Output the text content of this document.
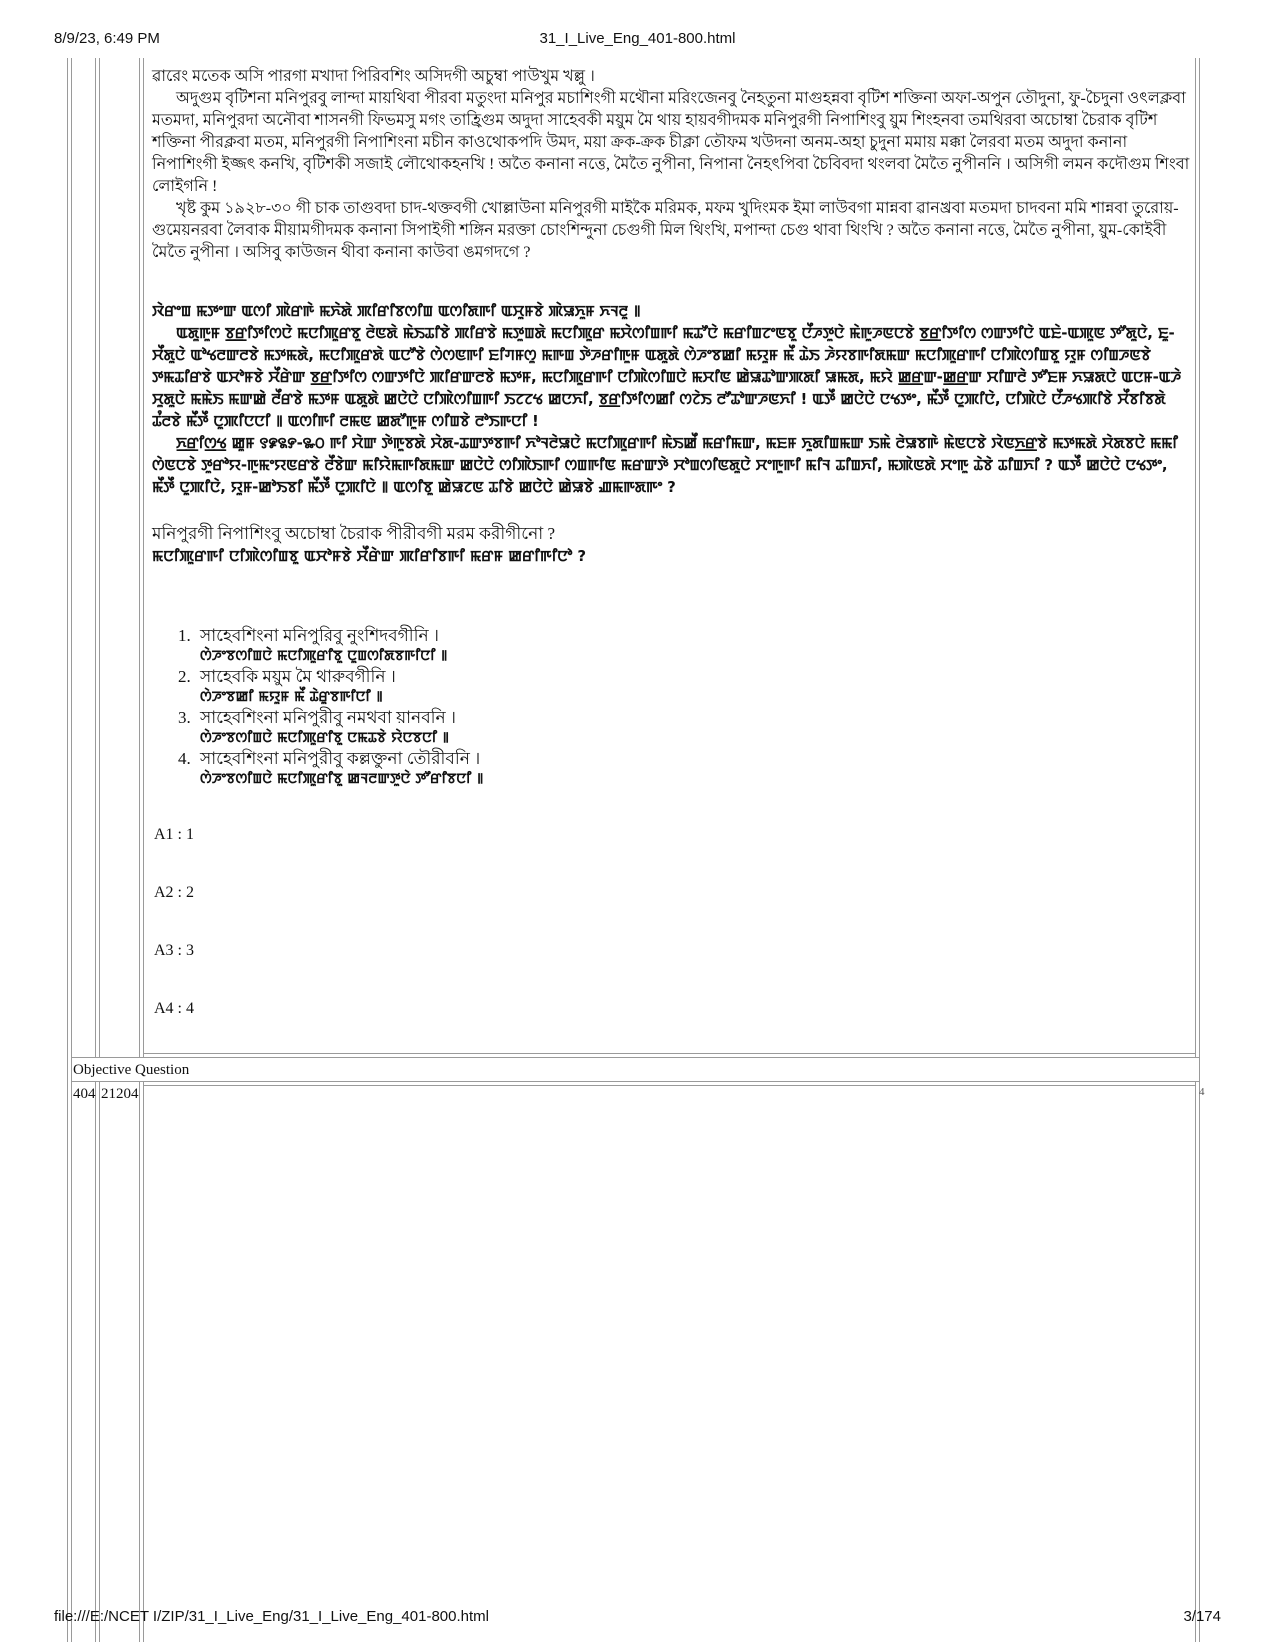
8/9/23, 6:49 PM	31_I_Live_Eng_401-800.html

ৱারেং মতেক অসি পারগা মখাদা পিরিবশিং অসিদগী অচুম্বা পাউখুম খল্লু ।

অদুগুম বৃটিশনা মনিপুরবু লান্দা মায়থিবা পীরবা মতুংদা মনিপুর মচাশিংগী মথৌনা মরিংজেনবু নৈহতুনা মাগুহন্নবা বৃটিশ শক্তিনা অফা-অপুন তৌদুনা, ফু-চৈদুনা ওৎলক্লবা মতমদা, মনিপুরদা অনৌবা শাসনগী ফিভমসু মগং তাহ্রিগুম অদুদা সাহেবকী ময়ুম মৈ থায় হায়বগীদমক মনিপুরগী নিপাশিংবু য়ুম শিংহনবা তমথিরবা অচোম্বা চৈরাক বৃটিশ শক্তিনা পীরক্লবা মতম, মনিপুরগী নিপাশিংনা মচীন কাওথোকপদি উমদ, ময়া ক্রক-ক্রক চীক্লা তৌফম খউদনা অনম-অহা চুদুনা মমায় মক্কা লৈরবা মতম অদুদা কনানা নিপাশিংগী ইজ্জৎ কনখি, বৃটিশকী সজাই লৌথোকহনখি ! অতৈ কনানা নত্তে, মৈতৈ নুপীনা, নিপানা নৈহৎপিবা চৈবিবদা থংলবা মৈতৈ নুপীননি । অসিগী লমন কদৌগুম শিংবা লোইগনি !

খৃষ্ট কুম ১৯২৮-৩০ গী চাক তাগুবদা চাদ-থক্তবগী খোল্লাউনা মনিপুরগী মাইকৈ মরিমক, মফম খুদিংমক ইমা লাউবগা মান্নবা ৱানখ্রবা মতমদা চাদবনা মমি শান্নবা তুরোয়-গুমেয়নরবা লৈবাক মীয়ামগীদমক কনানা সিপাইগী শঙ্গিন মরক্তা চোংশিন্দুনা চেগুগী মিল থিংখি, মপান্দা চেগু থাবা থিংখি ? অতৈ কনানা নত্তে, মৈতৈ নুপীনা, য়ুম-কোইবী মৈতৈ নুপীনা । অসিবু কাউজন থীবা কনানা কাউবা ঙমগদগে ?

ꯋꯥꯔꯦꯡ ꯃꯇꯦꯛ ꯑꯁꯤ ꯄꯥꯔꯒꯥ ꯃꯈꯥꯗꯥ ꯄꯤꯔꯤꯕꯁꯤꯡ ꯑꯁꯤꯗꯒꯤ ꯑꯆꯨꯝꯕꯥ ꯄꯥꯎꯈꯨꯝ ꯈꯜꯂꯨ ꯫

ꯑꯗꯨꯒꯨꯝ ꯕ꯭ꯔꯤꯇꯤꯁꯅꯥ ꯃꯅꯤꯄꯨꯔꯕꯨ ꯂꯥꯟꯗꯥ ꯃꯥꯏꯊꯤꯕꯥ ꯄꯤꯔꯕꯥ ꯃꯇꯨꯡꯗꯥ ꯃꯅꯤꯄꯨꯔ ꯃꯆꯥꯁꯤꯡꯒꯤ ꯃꯊꯧꯅꯥ ꯃꯔꯤꯡꯖꯦꯟꯕꯨ ꯅꯩꯍꯇꯨꯅꯥ ꯃꯥꯒꯨꯍꯟꯅꯕꯥ ꯕ꯭ꯔꯤꯇꯤꯁ ꯁꯛꯇꯤꯅꯥ ꯑꯐꯥ-ꯑꯄꯨꯟ ꯇꯧꯗꯨꯅꯥ, ꯐꯨ-ꯆꯩꯗꯨꯅꯥ ꯑꯣꯠꯂꯛꯂꯕꯥ ꯃꯇꯃꯗꯥ, ꯃꯅꯤꯄꯨꯔꯗꯥ ꯑꯅꯧꯕꯥ ꯁꯥꯁꯟꯒꯤ ꯐꯤꯚꯝꯁꯨ ꯃꯒꯡ ꯇꯥꯍꯔꯤꯒꯨꯝ ꯑꯗꯨꯗꯥ ꯁꯥꯍꯦꯕꯀꯤ ꯃꯌꯨꯝ ꯃꯩ ꯊꯥꯏ ꯍꯥꯌꯕꯒꯤꯗꯃꯛ ꯃꯅꯤꯄꯨꯔꯒꯤ ꯅꯤꯄꯥꯁꯤꯡꯕꯨ ꯌꯨꯝ ꯁꯤꯡꯍꯟꯕꯥ ꯇꯃꯊꯤꯔꯕꯥ ꯑꯆꯣꯝꯕꯥ ꯆꯩꯔꯥꯛ ꯕ꯭ꯔꯤꯇꯤꯁ ꯁꯛꯇꯤꯅꯥ ꯄꯤꯔꯛꯂꯕꯥ ꯃꯇꯝ, ꯃꯅꯤꯄꯨꯔꯒꯤ ꯅꯤꯄꯥꯁꯤꯡꯅꯥ ꯃꯆꯤꯟ ꯀꯥꯎꯊꯣꯛꯄꯗꯤ ꯎꯃꯗ, ꯃꯌꯥ ꯀ꯭ꯔꯛ-ꯀ꯭ꯔꯛ ꯆꯤꯛꯂꯥ ꯇꯧꯐꯝ ꯈꯎꯗꯅꯥ ꯑꯅꯝ-ꯑꯍꯥ ꯆꯨꯗꯨꯅꯥ ꯃꯃꯥꯏ ꯃꯛꯀꯥ ꯂꯩꯔꯕꯥ ꯃꯇꯝ ꯑꯗꯨꯗꯥ ꯀꯅꯥꯅꯥ ꯅꯤꯄꯥꯁꯤꯡꯒꯤ ꯏꯖꯖꯠ ꯀꯅꯈꯤ, ꯕ꯭ꯔꯤꯇꯤꯁꯀꯤ ꯁꯖꯥꯏ ꯂꯧꯊꯣꯛꯍꯟꯈꯤ ! ꯑꯇꯩ ꯀꯅꯥꯅꯥ ꯅꯠꯇꯦ, ꯃꯩꯇꯩ ꯅꯨꯄꯤꯅꯥ, ꯅꯤꯄꯥꯅꯥ ꯅꯩꯍꯠꯄꯤꯕꯥ ꯆꯩꯕꯤꯕꯗꯥ ꯊꯪꯂꯕꯥ ꯃꯩꯇꯩ ꯅꯨꯄꯤꯅꯅꯤ ꯫ ꯑꯁꯤꯒꯤ ꯂꯃꯟ ꯀꯗꯧꯒꯨꯝ ꯁꯤꯡꯕꯥ ꯂꯣꯏꯒꯅꯤ !

ꯈ꯭ꯔꯤꯁ꯭ꯠ ꯀꯨꯝ ꯱꯹꯲꯸-꯳꯰ ꯒꯤ ꯆꯥꯛ ꯇꯥꯒꯨꯕꯗꯥ ꯆꯥꯗ-ꯊꯛꯇꯕꯒꯤ ꯈꯣꯜꯂꯥꯎꯅꯥ ꯃꯅꯤꯄꯨꯔꯒꯤ ꯃꯥꯏꯀꯩ ꯃꯔꯤꯃꯛ, ꯃꯐꯝ ꯈꯨꯗꯤꯡꯃꯛ ꯏꯃꯥ ꯂꯥꯎꯕꯒꯥ ꯃꯥꯟꯅꯕꯥ ꯋꯥꯟꯈ꯭ꯔꯕꯥ ꯃꯇꯃꯗꯥ ꯆꯥꯗꯕꯅꯥ ꯃꯃꯤ ꯁꯥꯟꯅꯕꯥ ꯇꯨꯔꯣꯌ-ꯒꯨꯃꯦꯌꯟꯔꯕꯥ ꯂꯩꯕꯥꯛ ꯃꯤꯌꯥꯃꯒꯤꯗꯃꯛ ꯀꯅꯥꯅꯥ ꯁꯤꯄꯥꯏꯒꯤ ꯁꯡꯒꯤꯟ ꯃꯔꯛꯇꯥ ꯆꯣꯡꯁꯤꯟꯗꯨꯅꯥ ꯆꯦꯒꯨꯒꯤ ꯃꯤꯜ ꯊꯤꯡꯈꯤ, ꯃꯄꯥꯟꯗꯥ ꯆꯦꯒꯨ ꯊꯥꯕꯥ ꯊꯤꯡꯈꯤ ? ꯑꯇꯩ ꯀꯅꯥꯅꯥ ꯅꯠꯇꯦ, ꯃꯩꯇꯩ ꯅꯨꯄꯤꯅꯥ, ꯌꯨꯝ-ꯀꯣꯏꯕꯤ ꯃꯩꯇꯩ ꯅꯨꯄꯤꯅꯥ ꯫ ꯑꯁꯤꯕꯨ ꯀꯥꯎꯖꯟ ꯊꯤꯕꯥ ꯀꯅꯥꯅꯥ ꯀꯥꯎꯕꯥ ꯉꯃꯒꯗꯒꯦ ?

মনিপুরগী নিপাশিংবু অচোম্বা চৈরাক পীরীবগী মরম করীগীনো ?
ꯃꯅꯤꯄꯨꯔꯒꯤ ꯅꯤꯄꯥꯁꯤꯡꯕꯨ ꯑꯆꯣꯝꯕꯥ ꯆꯩꯔꯥꯛ ꯄꯤꯔꯤꯕꯒꯤ ꯃꯔꯝ ꯀꯔꯤꯒꯤꯅꯣ ?
1. সাহেবশিংনা মনিপুরিবু নুংশিদবগীনি ।
ꯁꯥꯍꯦꯕꯁꯤꯡꯅꯥ ꯃꯅꯤꯄꯨꯔꯤꯕꯨ ꯅꯨꯡꯁꯤꯗꯕꯒꯤꯅꯤ ꯫
2. সাহেবকি ময়ুম মৈ থারুবগীনি ।
ꯁꯥꯍꯦꯕꯀꯤ ꯃꯌꯨꯝ ꯃꯩ ꯊꯥꯔꯨꯕꯒꯤꯅꯤ ꯫
3. সাহেবশিংনা মনিপুরীবু নমথবা য়ানবনি ।
ꯁꯥꯍꯦꯕꯁꯤꯡꯅꯥ ꯃꯅꯤꯄꯨꯔꯤꯕꯨ ꯅꯃꯊꯕꯥ ꯌꯥꯅꯕꯅꯤ ꯫
4. সাহেবশিংনা মনিপুরীবু কল্লক্তুনা তৌরীবনি ।
ꯁꯥꯍꯦꯕꯁꯤꯡꯅꯥ ꯃꯅꯤꯄꯨꯔꯤꯕꯨ ꯀꯜꯂꯛꯇꯨꯅꯥ ꯇꯧꯔꯤꯕꯅꯤ ꯫
A1 : 1
A2 : 2
A3 : 3
A4 : 4
Objective Question
404 21204	4
file:///E:/NCET I/ZIP/31_I_Live_Eng/31_I_Live_Eng_401-800.html	3/174
